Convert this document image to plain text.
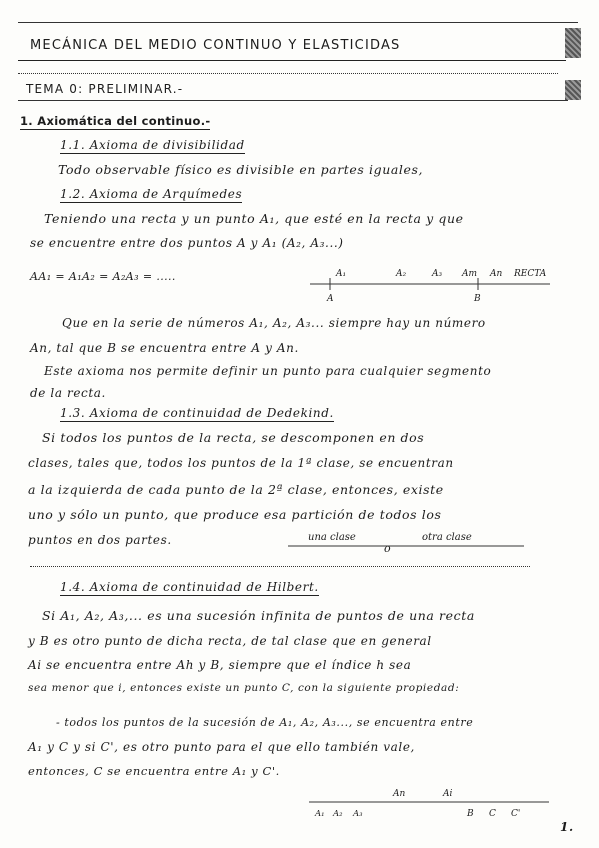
MECÁNICA DEL MEDIO CONTINUO Y ELASTICIDAS
TEMA 0: PRELIMINAR.-
1. Axiomática del continuo.-
1.1. Axioma de divisibilidad
Todo observable físico es divisible en partes iguales,
1.2. Axioma de Arquímedes
Teniendo una recta y un punto A₁, que esté en la recta y que
se encuentre entre dos puntos A y A₁ (A₂, A₃...)
AA₁ = A₁A₂ = A₂A₃ = .....	A₁	A₂	A₃ Am An RECTA
A	B
Que en la serie de números A₁, A₂, A₃... siempre hay un número
An, tal que B se encuentra entre A y An.
Este axioma nos permite definir un punto para cualquier segmento
de la recta.
1.3. Axioma de continuidad de Dedekind.
Si todos los puntos de la recta, se descomponen en dos
clases, tales que, todos los puntos de la 1ª clase, se encuentran
a la izquierda de cada punto de la 2ª clase, entonces, existe
uno y sólo un punto, que produce esa partición de todos los
puntos en dos partes.	una clase
o
otra clase
1.4. Axioma de continuidad de Hilbert.
Si A₁, A₂, A₃,... es una sucesión infinita de puntos de una recta
y B es otro punto de dicha recta, de tal clase que en general
Ai se encuentra entre Ah y B, siempre que el índice h sea
sea menor que i, entonces existe un punto C, con la siguiente propiedad:
- todos los puntos de la sucesión de A₁, A₂, A₃..., se encuentra entre
A₁ y C y si C', es otro punto para el que ello también vale,
entonces, C se encuentra entre A₁ y C'.
An	Ai
A₁ A₂ A₃	B C C'
1.
